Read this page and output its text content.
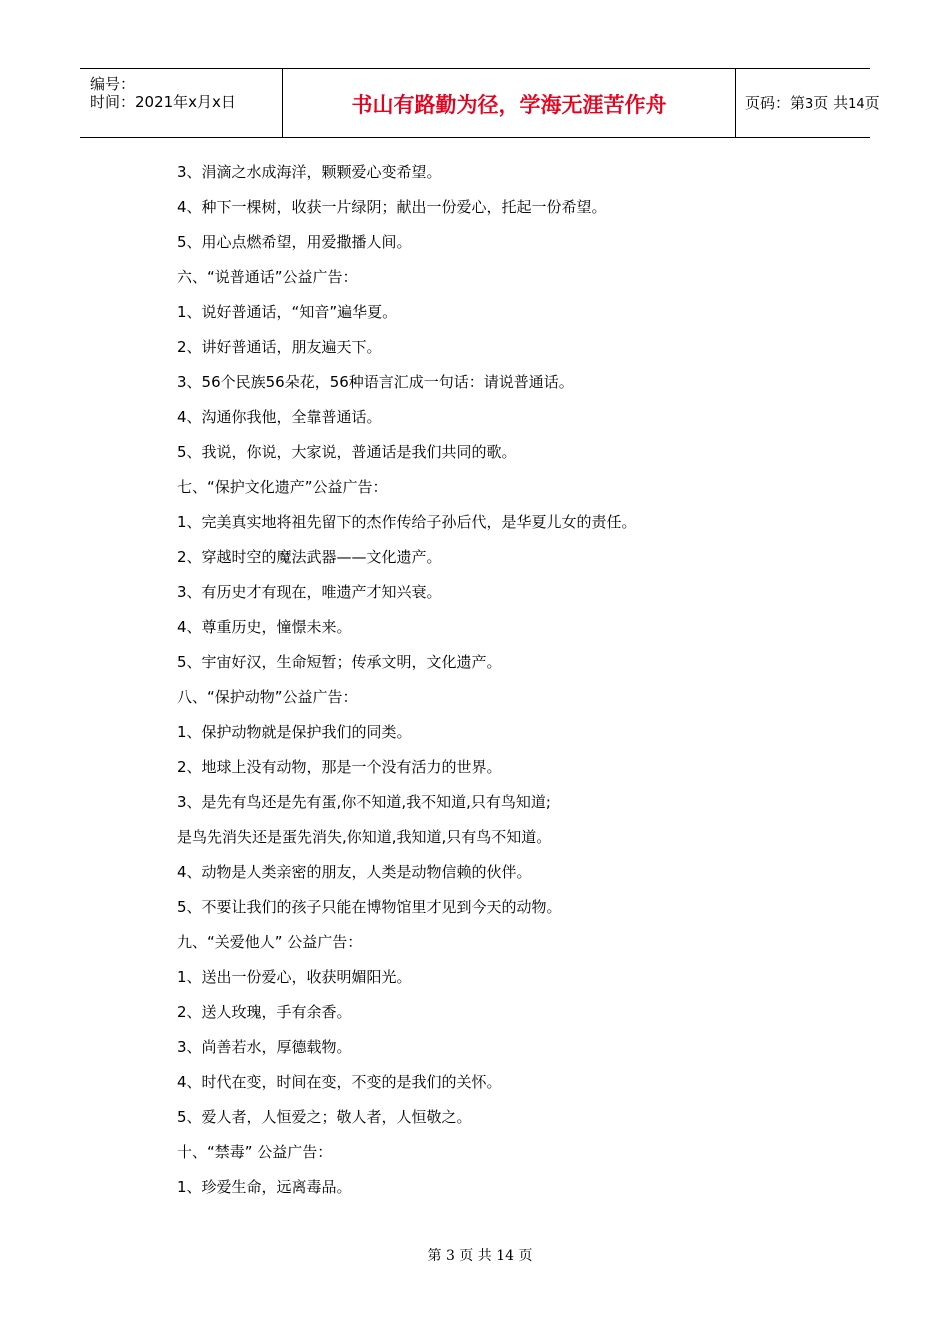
编号：
时间：2021年x月x日	书山有路勤为径，学海无涯苦作舟	页码：第3页 共14页
3、涓滴之水成海洋，颗颗爱心变希望。
4、种下一棵树，收获一片绿阴；献出一份爱心，托起一份希望。
5、用心点燃希望，用爱撒播人间。
六、“说普通话”公益广告：
1、说好普通话，“知音”遍华夏。
2、讲好普通话，朋友遍天下。
3、56个民族56朵花，56种语言汇成一句话：请说普通话。
4、沟通你我他，全靠普通话。
5、我说，你说，大家说，普通话是我们共同的歌。
七、“保护文化遗产”公益广告：
1、完美真实地将祖先留下的杰作传给子孙后代，是华夏儿女的责任。
2、穿越时空的魔法武器——文化遗产。
3、有历史才有现在，唯遗产才知兴衰。
4、尊重历史，憧憬未来。
5、宇宙好汉，生命短暂；传承文明，文化遗产。
八、“保护动物”公益广告：
1、保护动物就是保护我们的同类。
2、地球上没有动物，那是一个没有活力的世界。
3、是先有鸟还是先有蛋,你不知道,我不知道,只有鸟知道;
是鸟先消失还是蛋先消失,你知道,我知道,只有鸟不知道。
4、动物是人类亲密的朋友，人类是动物信赖的伙伴。
5、不要让我们的孩子只能在博物馆里才见到今天的动物。
九、“关爱他人” 公益广告：
1、送出一份爱心，收获明媚阳光。
2、送人玫瑰，手有余香。
3、尚善若水，厚德载物。
4、时代在变，时间在变，不变的是我们的关怀。
5、爱人者，人恒爱之；敬人者，人恒敬之。
十、“禁毒” 公益广告：
1、珍爱生命，远离毒品。
第 3 页 共 14 页
